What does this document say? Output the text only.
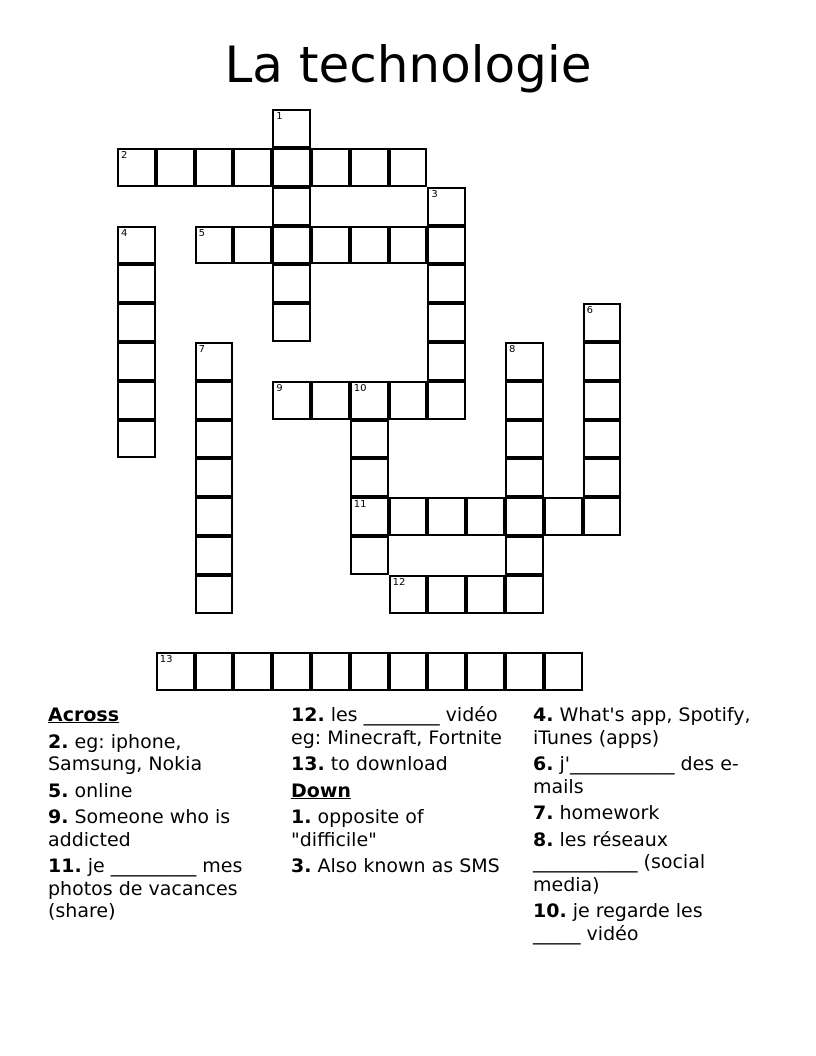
La technologie
2
5
9	10
11
12
13
1
3
4
6
7	8
Across
2. eg: iphone, Samsung, Nokia
5. online
9. Someone who is addicted
11. je _________ mes photos de vacances (share)
12. les ________ vidéo eg: Minecraft, Fortnite
13. to download
Down
1. opposite of "difficile"
3. Also known as SMS
4. What's app, Spotify, iTunes (apps)
6. j'___________ des e-mails
7. homework
8. les réseaux ___________ (social media)
10. je regarde les _____ vidéo
